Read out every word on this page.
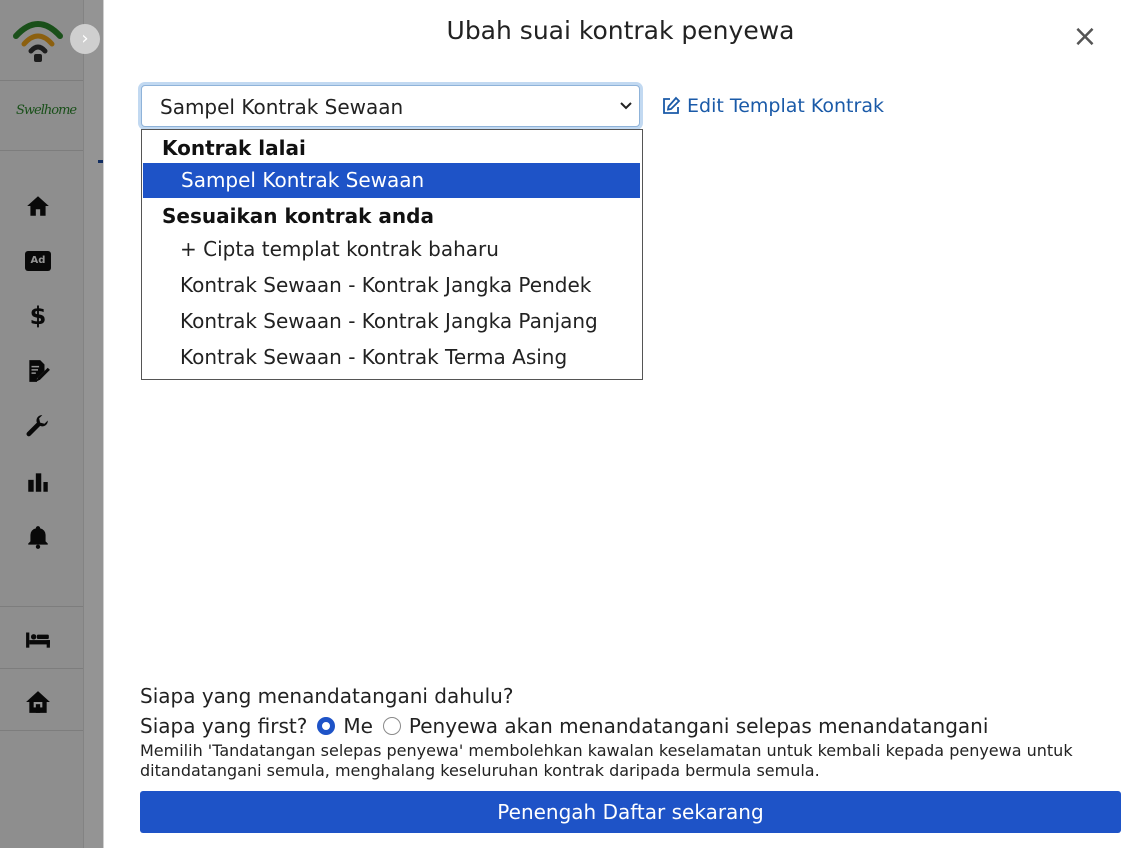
Swelhome
Ad
$
›	Ubah suai kontrak penyewa	×
Sampel Kontrak Sewaan	Edit Templat Kontrak
Kontrak lalai
Sampel Kontrak Sewaan
Sesuaikan kontrak anda
+ Cipta templat kontrak baharu
Kontrak Sewaan - Kontrak Jangka Pendek
Kontrak Sewaan - Kontrak Jangka Panjang
Kontrak Sewaan - Kontrak Terma Asing
Siapa yang menandatangani dahulu?
Siapa yang first? Me Penyewa akan menandatangani selepas menandatangani
Memilih 'Tandatangan selepas penyewa' membolehkan kawalan keselamatan untuk kembali kepada penyewa untuk ditandatangani semula, menghalang keseluruhan kontrak daripada bermula semula.
Penengah Daftar sekarang
